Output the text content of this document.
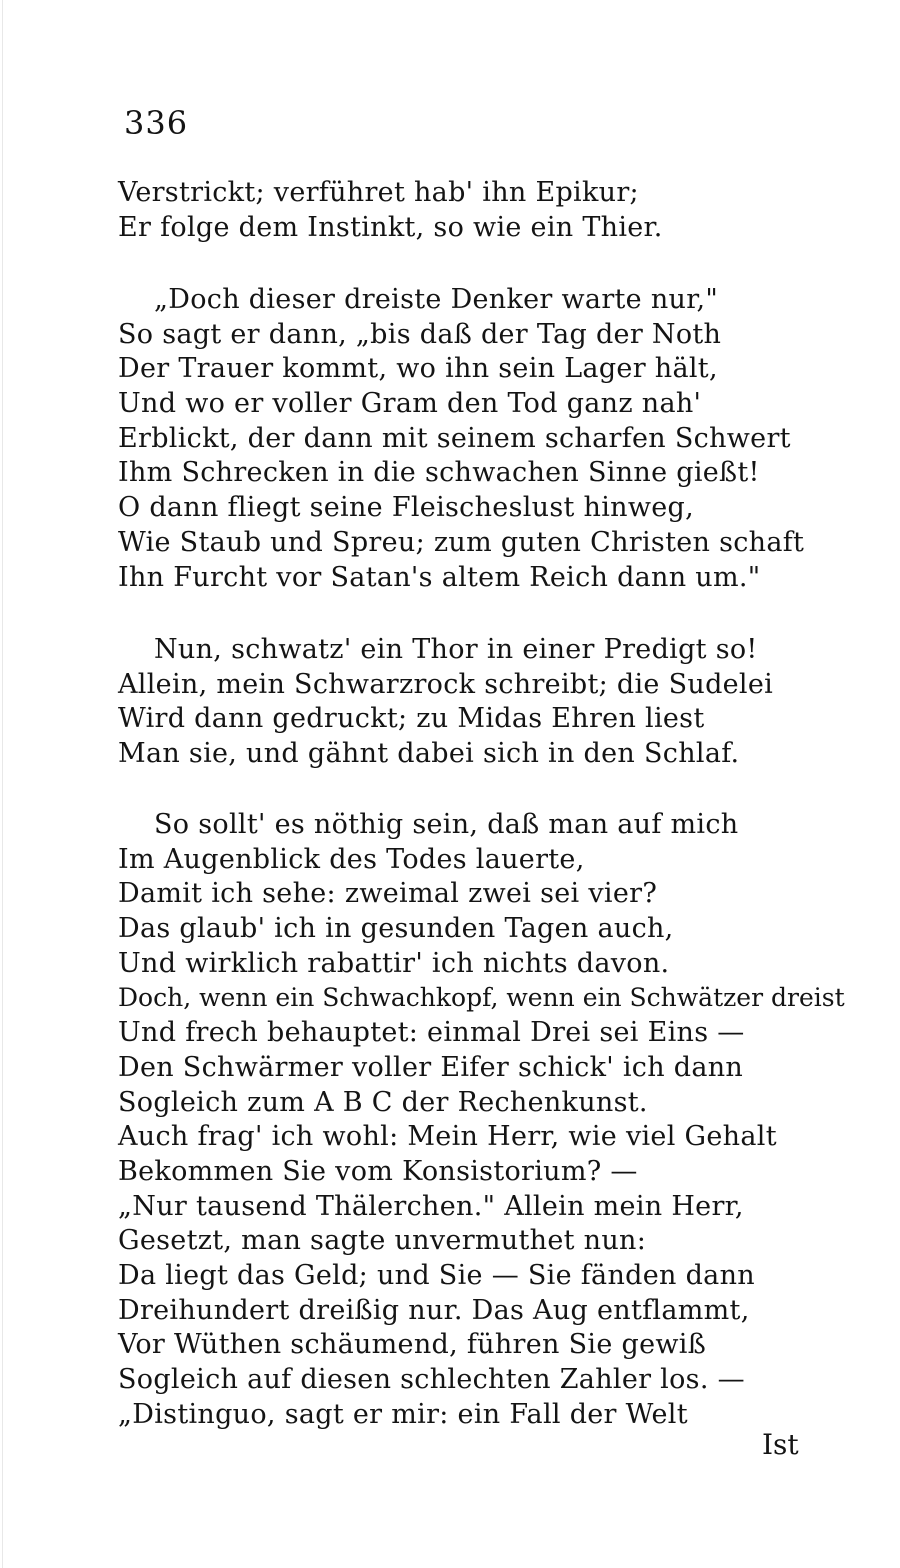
336
Verstrickt; verführet hab' ihn Epikur;
Er folge dem Instinkt, so wie ein Thier.
„Doch dieser dreiste Denker warte nur,"
So sagt er dann, „bis daß der Tag der Noth
Der Trauer kommt, wo ihn sein Lager hält,
Und wo er voller Gram den Tod ganz nah'
Erblickt, der dann mit seinem scharfen Schwert
Ihm Schrecken in die schwachen Sinne gießt!
O dann fliegt seine Fleischeslust hinweg,
Wie Staub und Spreu; zum guten Christen schaft
Ihn Furcht vor Satan's altem Reich dann um."
Nun, schwatz' ein Thor in einer Predigt so!
Allein, mein Schwarzrock schreibt; die Sudelei
Wird dann gedruckt; zu Midas Ehren liest
Man sie, und gähnt dabei sich in den Schlaf.
So sollt' es nöthig sein, daß man auf mich
Im Augenblick des Todes lauerte,
Damit ich sehe: zweimal zwei sei vier?
Das glaub' ich in gesunden Tagen auch,
Und wirklich rabattir' ich nichts davon.
Doch, wenn ein Schwachkopf, wenn ein Schwätzer dreist
Und frech behauptet: einmal Drei sei Eins —
Den Schwärmer voller Eifer schick' ich dann
Sogleich zum A B C der Rechenkunst.
Auch frag' ich wohl: Mein Herr, wie viel Gehalt
Bekommen Sie vom Konsistorium? —
„Nur tausend Thälerchen." Allein mein Herr,
Gesetzt, man sagte unvermuthet nun:
Da liegt das Geld; und Sie — Sie fänden dann
Dreihundert dreißig nur. Das Aug entflammt,
Vor Wüthen schäumend, führen Sie gewiß
Sogleich auf diesen schlechten Zahler los. —
„Distinguo, sagt er mir: ein Fall der Welt
Ist
